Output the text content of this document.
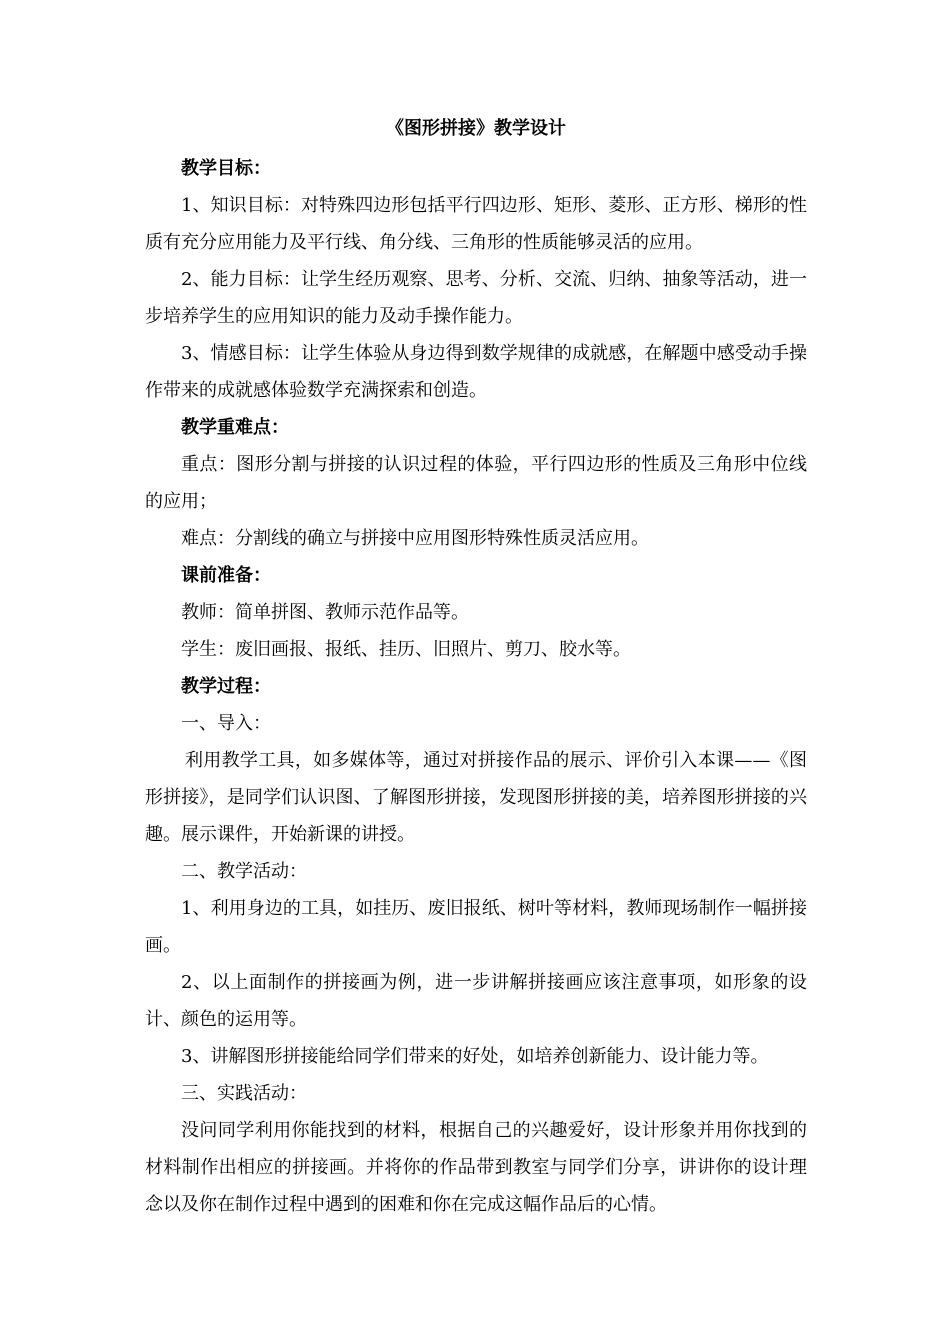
《图形拼接》教学设计

教学目标：

1、知识目标：对特殊四边形包括平行四边形、矩形、菱形、正方形、梯形的性质有充分应用能力及平行线、角分线、三角形的性质能够灵活的应用。

2、能力目标：让学生经历观察、思考、分析、交流、归纳、抽象等活动，进一步培养学生的应用知识的能力及动手操作能力。

3、情感目标：让学生体验从身边得到数学规律的成就感，在解题中感受动手操作带来的成就感体验数学充满探索和创造。

教学重难点：

重点：图形分割与拼接的认识过程的体验，平行四边形的性质及三角形中位线的应用；

难点：分割线的确立与拼接中应用图形特殊性质灵活应用。

课前准备：

教师：简单拼图、教师示范作品等。

学生：废旧画报、报纸、挂历、旧照片、剪刀、胶水等。

教学过程：

一、导入：

利用教学工具，如多媒体等，通过对拼接作品的展示、评价引入本课——《图形拼接》，是同学们认识图、了解图形拼接，发现图形拼接的美，培养图形拼接的兴趣。展示课件，开始新课的讲授。

二、教学活动：

1、利用身边的工具，如挂历、废旧报纸、树叶等材料，教师现场制作一幅拼接画。

2、以上面制作的拼接画为例，进一步讲解拼接画应该注意事项，如形象的设计、颜色的运用等。

3、讲解图形拼接能给同学们带来的好处，如培养创新能力、设计能力等。

三、实践活动：

没问同学利用你能找到的材料，根据自己的兴趣爱好，设计形象并用你找到的材料制作出相应的拼接画。并将你的作品带到教室与同学们分享，讲讲你的设计理念以及你在制作过程中遇到的困难和你在完成这幅作品后的心情。
